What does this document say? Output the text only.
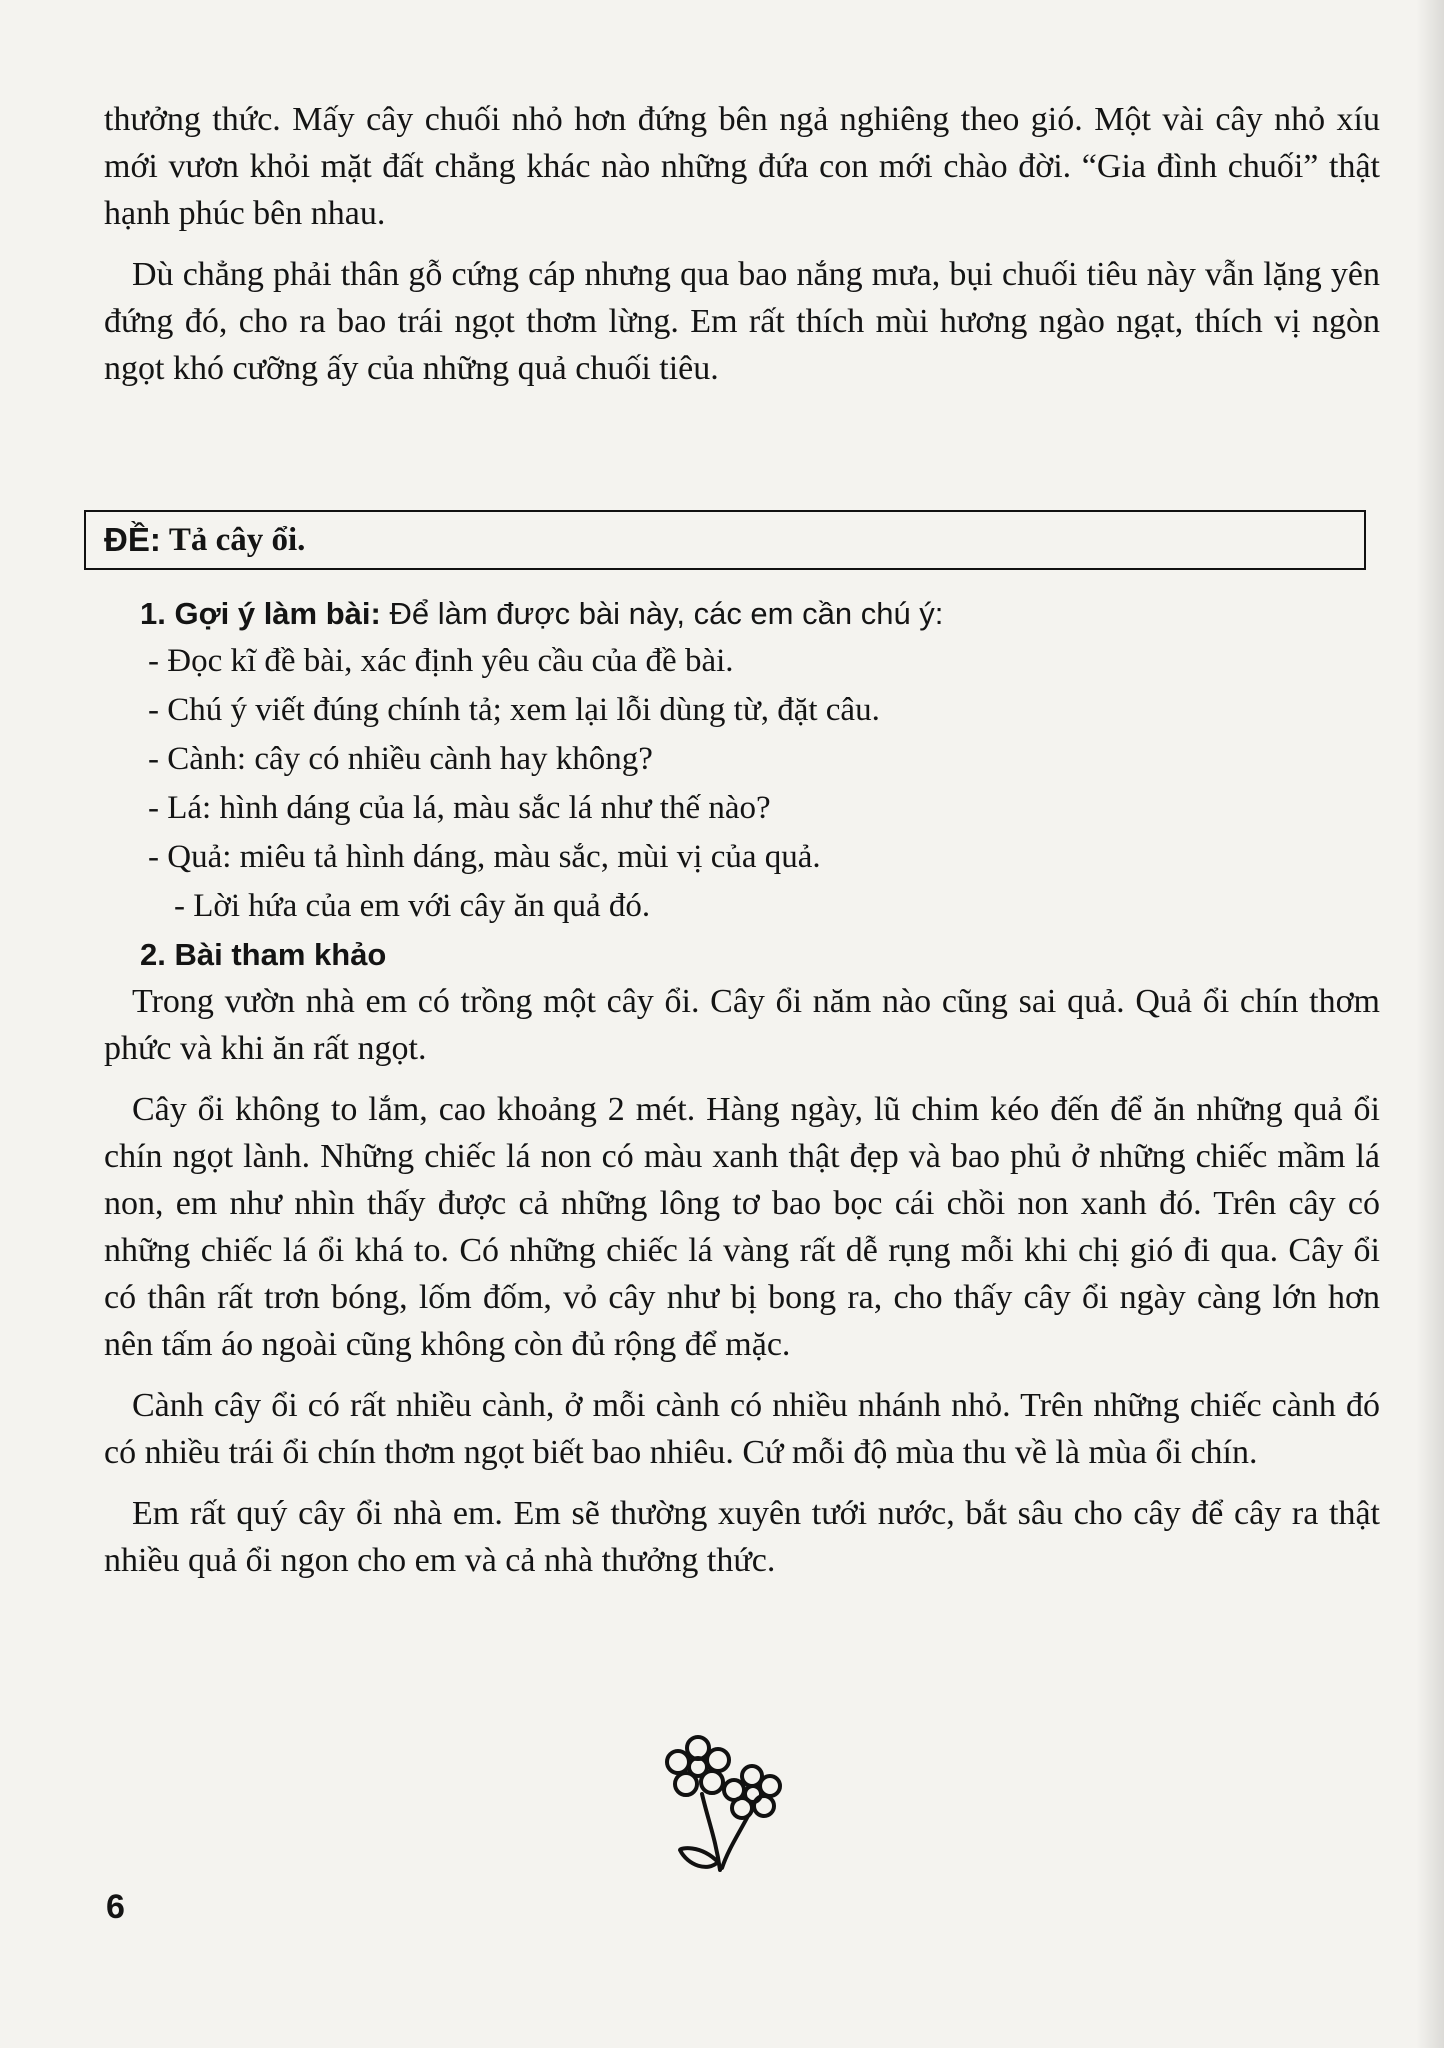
thưởng thức. Mấy cây chuối nhỏ hơn đứng bên ngả nghiêng theo gió. Một vài cây nhỏ xíu mới vươn khỏi mặt đất chẳng khác nào những đứa con mới chào đời. “Gia đình chuối” thật hạnh phúc bên nhau.

Dù chẳng phải thân gỗ cứng cáp nhưng qua bao nắng mưa, bụi chuối tiêu này vẫn lặng yên đứng đó, cho ra bao trái ngọt thơm lừng. Em rất thích mùi hương ngào ngạt, thích vị ngòn ngọt khó cưỡng ấy của những quả chuối tiêu.

ĐỀ: Tả cây ổi.

1. Gợi ý làm bài: Để làm được bài này, các em cần chú ý:

- Đọc kĩ đề bài, xác định yêu cầu của đề bài.

- Chú ý viết đúng chính tả; xem lại lỗi dùng từ, đặt câu.

- Cành: cây có nhiều cành hay không?

- Lá: hình dáng của lá, màu sắc lá như thế nào?

- Quả: miêu tả hình dáng, màu sắc, mùi vị của quả.

- Lời hứa của em với cây ăn quả đó.

2. Bài tham khảo

Trong vườn nhà em có trồng một cây ổi. Cây ổi năm nào cũng sai quả. Quả ổi chín thơm phức và khi ăn rất ngọt.

Cây ổi không to lắm, cao khoảng 2 mét. Hàng ngày, lũ chim kéo đến để ăn những quả ổi chín ngọt lành. Những chiếc lá non có màu xanh thật đẹp và bao phủ ở những chiếc mầm lá non, em như nhìn thấy được cả những lông tơ bao bọc cái chồi non xanh đó. Trên cây có những chiếc lá ổi khá to. Có những chiếc lá vàng rất dễ rụng mỗi khi chị gió đi qua. Cây ổi có thân rất trơn bóng, lốm đốm, vỏ cây như bị bong ra, cho thấy cây ổi ngày càng lớn hơn nên tấm áo ngoài cũng không còn đủ rộng để mặc.

Cành cây ổi có rất nhiều cành, ở mỗi cành có nhiều nhánh nhỏ. Trên những chiếc cành đó có nhiều trái ổi chín thơm ngọt biết bao nhiêu. Cứ mỗi độ mùa thu về là mùa ổi chín.

Em rất quý cây ổi nhà em. Em sẽ thường xuyên tưới nước, bắt sâu cho cây để cây ra thật nhiều quả ổi ngon cho em và cả nhà thưởng thức.

6
